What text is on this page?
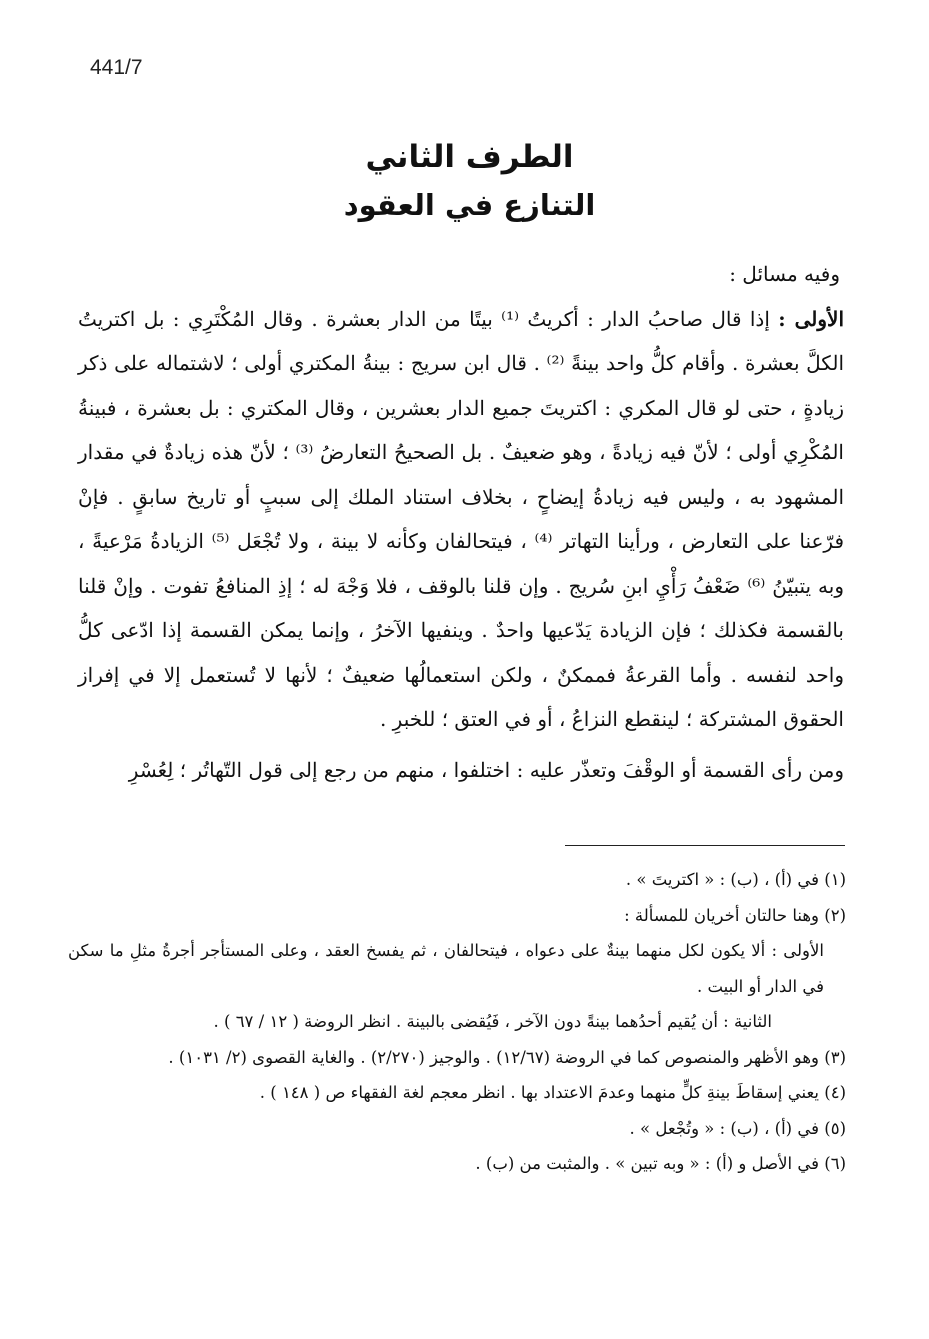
441/7
الطرف الثاني
التنازع في العقود

وفيه مسائل :

الأولى : إذا قال صاحبُ الدار : أكريتُ ⁽¹⁾ بيتًا من الدار بعشرة . وقال المُكْتَرِي : بل اكتريتُ الكلَّ بعشرة . وأقام كلُّ واحد بينةً ⁽²⁾ . قال ابن سريج : بينةُ المكتري أولى ؛ لاشتماله على ذكر زيادةٍ ، حتى لو قال المكري : اكتريتَ جميع الدار بعشرين ، وقال المكتري : بل بعشرة ، فبينةُ المُكْرِي أولى ؛ لأنّ فيه زيادةً ، وهو ضعيفٌ . بل الصحيحُ التعارضُ ⁽³⁾ ؛ لأنّ هذه زيادةٌ في مقدار المشهود به ، وليس فيه زيادةُ إيضاحٍ ، بخلاف استناد الملك إلى سببٍ أو تاريخ سابقٍ . فإنْ فرّعنا على التعارض ، ورأينا التهاتر ⁽⁴⁾ ، فيتحالفان وكأنه لا بينة ، ولا تُجْعَل ⁽⁵⁾ الزيادةُ مَرْعيةً ، وبه يتبيّنُ ⁽⁶⁾ ضَعْفُ رَأْيِ ابنِ سُريج . وإن قلنا بالوقف ، فلا وَجْهَ له ؛ إذِ المنافعُ تفوت . وإنْ قلنا بالقسمة فكذلك ؛ فإن الزيادة يَدّعيها واحدٌ . وينفيها الآخرُ ، وإنما يمكن القسمة إذا ادّعى كلُّ واحد لنفسه . وأما القرعةُ فممكنٌ ، ولكن استعمالُها ضعيفٌ ؛ لأنها لا تُستعمل إلا في إفراز الحقوق المشتركة ؛ لينقطع النزاعُ ، أو في العتق ؛ للخبرِ .

ومن رأى القسمة أو الوقْفَ وتعذّر عليه : اختلفوا ، منهم من رجع إلى قول التّهاتُر ؛ لِعُسْرِ

(١) في (أ) ، (ب) : « اكتريتَ » .

(٢) وهنا حالتان أخريان للمسألة :

الأولى : ألا يكون لكل منهما بينةٌ على دعواه ، فيتحالفان ، ثم يفسخ العقد ، وعلى المستأجر أجرةُ مثلِ ما سكن في الدار أو البيت .

الثانية : أن يُقيم أحدُهما بينةً دون الآخر ، فَيُقضى بالبينة . انظر الروضة ( ١٢ / ٦٧ ) .

(٣) وهو الأظهر والمنصوص كما في الروضة (١٢/٦٧) . والوجيز (٢/٢٧٠) . والغاية القصوى (٢/ ١٠٣١) .

(٤) يعني إسقاطَ بينةِ كلٍّ منهما وعدمَ الاعتداد بها . انظر معجم لغة الفقهاء ص ( ١٤٨ ) .

(٥) في (أ) ، (ب) : « وتُجْعل » .

(٦) في الأصل و (أ) : « وبه تبين » . والمثبت من (ب) .
